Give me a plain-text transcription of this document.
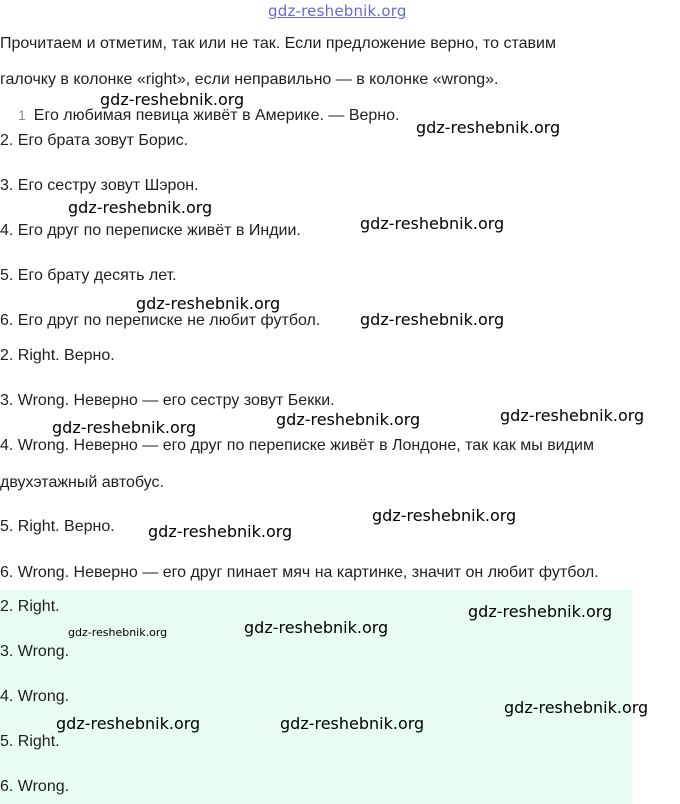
gdz-reshebnik.org
Прочитаем и отметим, так или не так. Если предложение верно, то ставим
галочку в колонке «right», если неправильно — в колонке «wrong».
1 Его любимая певица живёт в Америке. — Верно.
2. Его брата зовут Борис.
3. Его сестру зовут Шэрон.
4. Его друг по переписке живёт в Индии.
5. Его брату десять лет.
6. Его друг по переписке не любит футбол.
2. Right. Верно.
3. Wrong. Неверно — его сестру зовут Бекки.
4. Wrong. Неверно — его друг по переписке живёт в Лондоне, так как мы видим
двухэтажный автобус.
5. Right. Верно.
6. Wrong. Неверно — его друг пинает мяч на картинке, значит он любит футбол.
2. Right.
3. Wrong.
4. Wrong.
5. Right.
6. Wrong.
gdz-reshebnik.org
gdz-reshebnik.org
gdz-reshebnik.org
gdz-reshebnik.org
gdz-reshebnik.org
gdz-reshebnik.org
gdz-reshebnik.org	gdz-reshebnik.org	gdz-reshebnik.org
gdz-reshebnik.org
gdz-reshebnik.org
gdz-reshebnik.org	gdz-reshebnik.org
gdz-reshebnik.org
gdz-reshebnik.org	gdz-reshebnik.org
gdz-reshebnik.org
